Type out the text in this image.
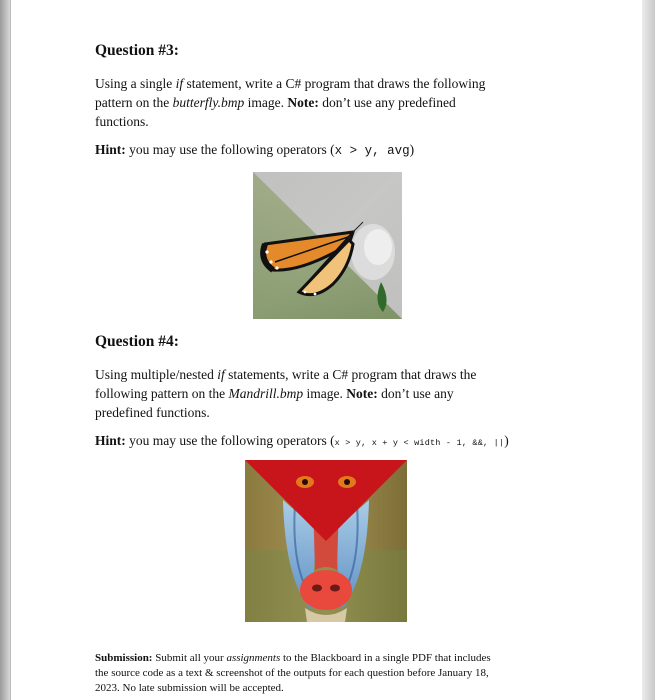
Question #3:

Using a single if statement, write a C# program that draws the following

pattern on the butterfly.bmp image. Note: don’t use any predefined

functions.

Hint: you may use the following operators (x > y, avg)
Question #4:

Using multiple/nested if statements, write a C# program that draws the

following pattern on the Mandrill.bmp image. Note: don’t use any

predefined functions.

Hint: you may use the following operators (x > y, x + y < width - 1, &&, ||)

Submission: Submit all your assignments to the Blackboard in a single PDF that includes

the source code as a text & screenshot of the outputs for each question before January 18,

2023. No late submission will be accepted.
